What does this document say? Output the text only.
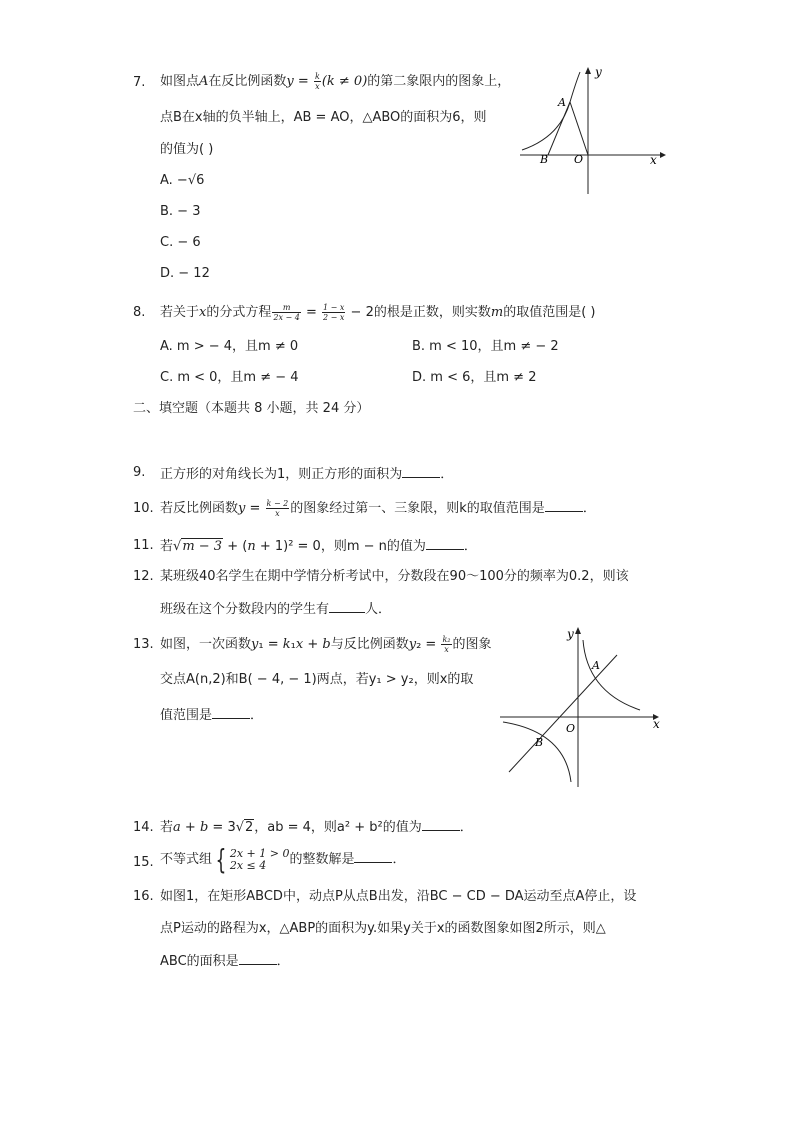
7. 如图点A在反比例函数$y = \frac{k}{x} (k \ne 0)$的第二象限内的图象上，
点B在x轴的负半轴上，AB = AO，△ABO的面积为6，则
的值为( )
A. −√6
B. − 3
C. − 6
D. − 12
y
x
A
B O
8. 若关于x的分式方程 $\frac{m}{2x - 4} = \frac{1 - x}{2 - x} - 2$的根是正数，则实数m的取值范围是( )
A. m > − 4，且m ≠ 0	B. m < 10，且m ≠ − 2
C. m < 0，且m ≠ − 4	D. m < 6，且m ≠ 2
二、填空题（本题共 8 小题，共 24 分）
9. 正方形的对角线长为1，则正方形的面积为	．
10. 若反比例函数$y = \frac{k - 2}{x}$ 的图象经过第一、三象限，则k的取值范围是	．
11. 若√m − 3 + (n + 1)² = 0，则m − n的值为	．
12. 某班级40名学生在期中学情分析考试中，分数段在90～100分的频率为0.2，则该
班级在这个分数段内的学生有	人．
13. 如图，一次函数y₁ = k₁x + b与反比例函数$y_2 = \frac{\text{k₂}}{x}$ 的图象
交点A(n,2)和B( − 4, − 1)两点，若y₁ > y₂，则x的取
值范围是	．
y
x
A
B
O
14. 若a + b = 3√2，ab = 4，则a² + b²的值为	．
15. 不等式组 { 2x + 1 > 0
2x ≤ 4	的整数解是	．
16. 如图1，在矩形ABCD中，动点P从点B出发，沿BC − CD − DA运动至点A停止，设
点P运动的路程为x，△ABP的面积为y.如果y关于x的函数图象如图2所示，则△
ABC的面积是	．
